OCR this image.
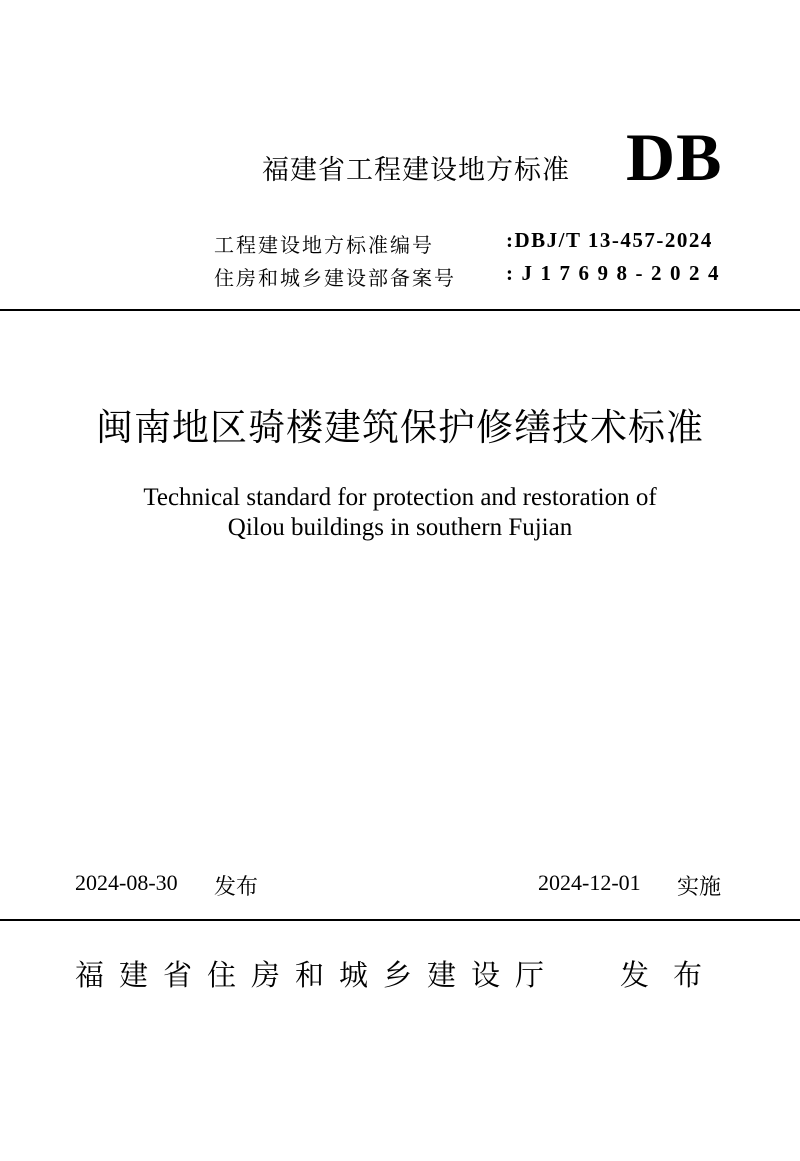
福建省工程建设地方标准 DB
工程建设地方标准编号	:DBJ/T 13-457-2024
住房和城乡建设部备案号 :J17698-2024
闽南地区骑楼建筑保护修缮技术标准
Technical standard for protection and restoration of
Qilou buildings in southern Fujian
2024-08-30 发布	2024-12-01 实施
福建省住房和城乡建设厅 发布
